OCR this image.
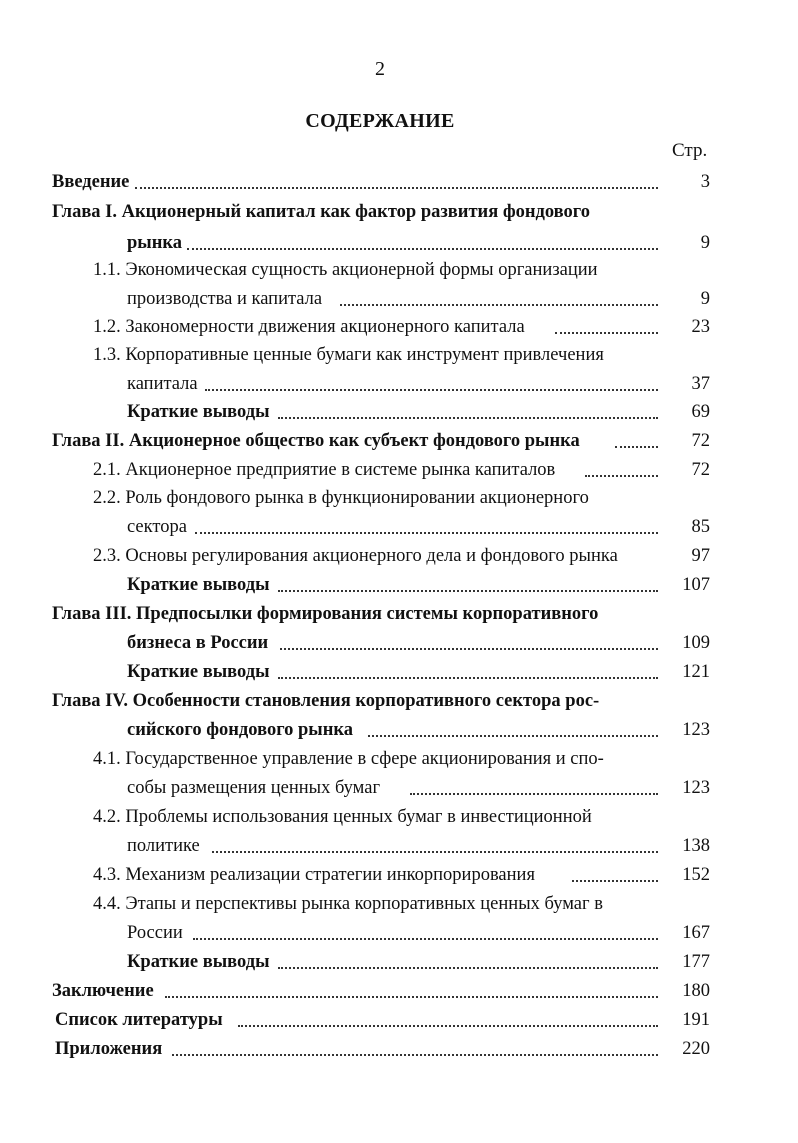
2
СОДЕРЖАНИЕ
Стр.
Введение	3
Глава I. Акционерный капитал как фактор развития фондового
рынка	9
1.1. Экономическая сущность акционерной формы организации
производства и капитала	9
1.2. Закономерности движения акционерного капитала	23
1.3. Корпоративные ценные бумаги как инструмент привлечения
капитала	37
Краткие выводы	69
Глава II. Акционерное общество как субъект фондового рынка	72
2.1. Акционерное предприятие в системе рынка капиталов	72
2.2. Роль фондового рынка в функционировании акционерного
сектора	85
2.3. Основы регулирования акционерного дела и фондового рынка	97
Краткие выводы	107
Глава III. Предпосылки формирования системы корпоративного
бизнеса в России	109
Краткие выводы	121
Глава IV. Особенности становления корпоративного сектора рос-
сийского фондового рынка	123
4.1. Государственное управление в сфере акционирования и спо-
собы размещения ценных бумаг	123
4.2. Проблемы использования ценных бумаг в инвестиционной
политике	138
4.3. Механизм реализации стратегии инкорпорирования	152
4.4. Этапы и перспективы рынка корпоративных ценных бумаг в
России	167
Краткие выводы	177
Заключение	180
Список литературы	191
Приложения	220
